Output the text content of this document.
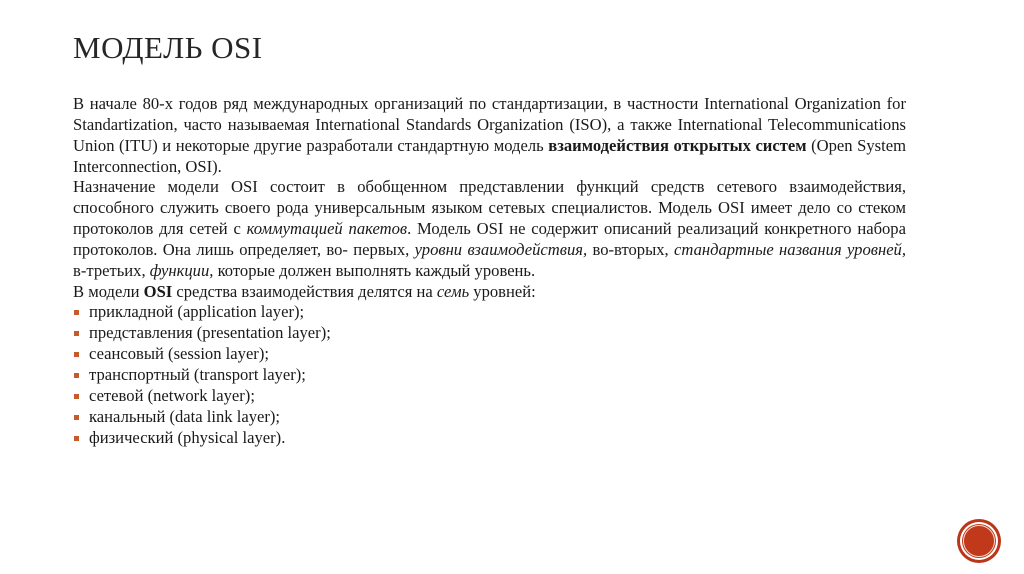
МОДЕЛЬ OSI

В начале 80-х годов ряд международных организаций по стандартизации, в частности International Organization for Standartization, часто называемая International Standards Organization (ISO), а также International Telecommunications Union (ITU) и некоторые другие разработали стандартную модель взаимодействия открытых систем (Open System Interconnection, OSI).

Назначение модели OSI состоит в обобщенном представлении функций средств сетевого взаимодействия, способного служить своего рода универсальным языком сетевых специалистов. Модель OSI имеет дело со стеком протоколов для сетей с коммутацией пакетов. Модель OSI не содержит описаний реализаций конкретного набора протоколов. Она лишь определяет, во- первых, уровни взаимодействия, во-вторых, стандартные названия уровней, в-третьих, функции, которые должен выполнять каждый уровень.

В модели OSI средства взаимодействия делятся на семь уровней:

прикладной (application layer);
представления (presentation layer);
сеансовый (session layer);
транспортный (transport layer);
сетевой (network layer);
канальный (data link layer);
физический (physical layer).
